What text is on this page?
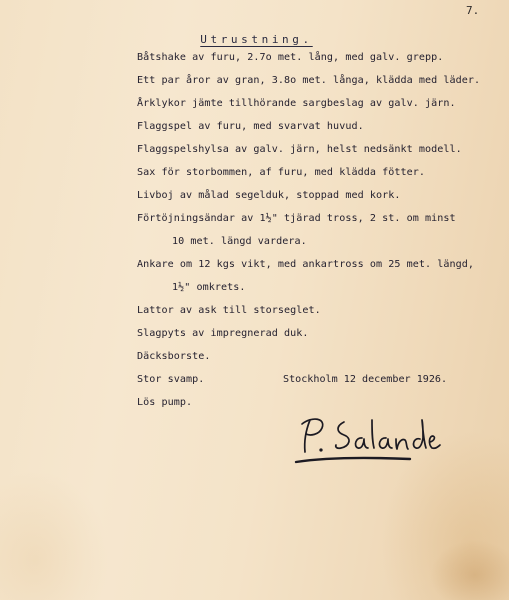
7.
Utrustning.
Båtshake av furu, 2.7o met. lång, med galv. grepp.
Ett par åror av gran, 3.8o met. långa, klädda med läder.
Årklykor jämte tillhörande sargbeslag av galv. järn.
Flaggspel av furu, med svarvat huvud.
Flaggspelshylsa av galv. järn, helst nedsänkt modell.
Sax för storbommen, af furu, med klädda fötter.
Livboj av målad segelduk, stoppad med kork.
Förtöjningsändar av 1½" tjärad tross, 2 st. om minst
10 met. längd vardera.
Ankare om 12 kgs vikt, med ankartross om 25 met. längd,
1½" omkrets.
Lattor av ask till storseglet.
Slagpyts av impregnerad duk.
Däcksborste.
Stor svamp.
Lös pump.
Stockholm 12 december 1926.
